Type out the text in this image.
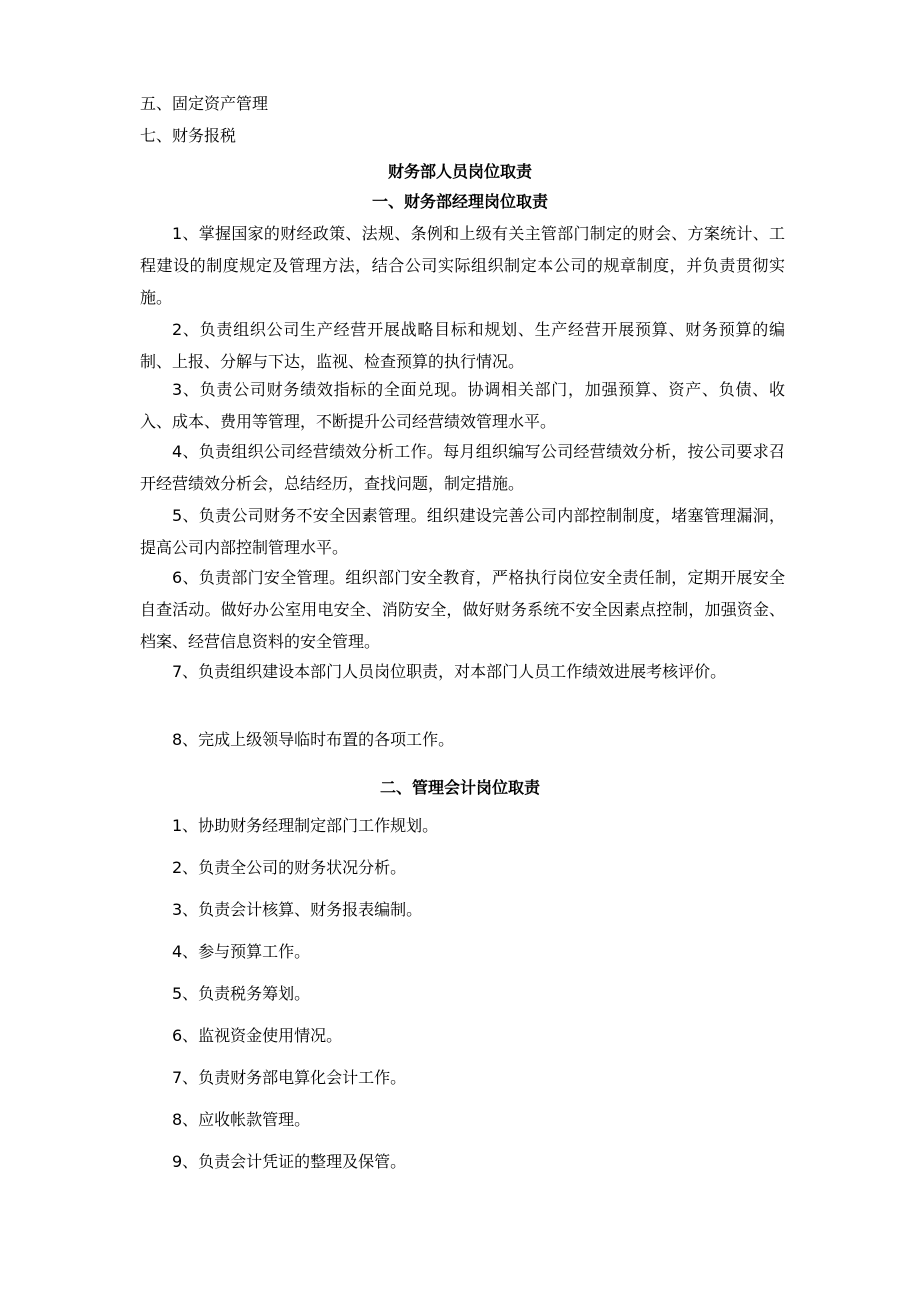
五、固定资产管理
七、财务报税
财务部人员岗位取责
一、财务部经理岗位取责
1、掌握国家的财经政策、法规、条例和上级有关主管部门制定的财会、方案统计、工程建设的制度规定及管理方法，结合公司实际组织制定本公司的规章制度，并负责贯彻实施。
2、负责组织公司生产经营开展战略目标和规划、生产经营开展预算、财务预算的编制、上报、分解与下达，监视、检查预算的执行情况。
3、负责公司财务绩效指标的全面兑现。协调相关部门，加强预算、资产、负债、收入、成本、费用等管理，不断提升公司经营绩效管理水平。
4、负责组织公司经营绩效分析工作。每月组织编写公司经营绩效分析，按公司要求召开经营绩效分析会，总结经历，查找问题，制定措施。
5、负责公司财务不安全因素管理。组织建设完善公司内部控制制度，堵塞管理漏洞，提高公司内部控制管理水平。
6、负责部门安全管理。组织部门安全教育，严格执行岗位安全责任制，定期开展安全自查活动。做好办公室用电安全、消防安全，做好财务系统不安全因素点控制，加强资金、档案、经营信息资料的安全管理。
7、负责组织建设本部门人员岗位职责，对本部门人员工作绩效进展考核评价。
8、完成上级领导临时布置的各项工作。
二、管理会计岗位取责
1、协助财务经理制定部门工作规划。
2、负责全公司的财务状况分析。
3、负责会计核算、财务报表编制。
4、参与预算工作。
5、负责税务筹划。
6、监视资金使用情况。
7、负责财务部电算化会计工作。
8、应收帐款管理。
9、负责会计凭证的整理及保管。
